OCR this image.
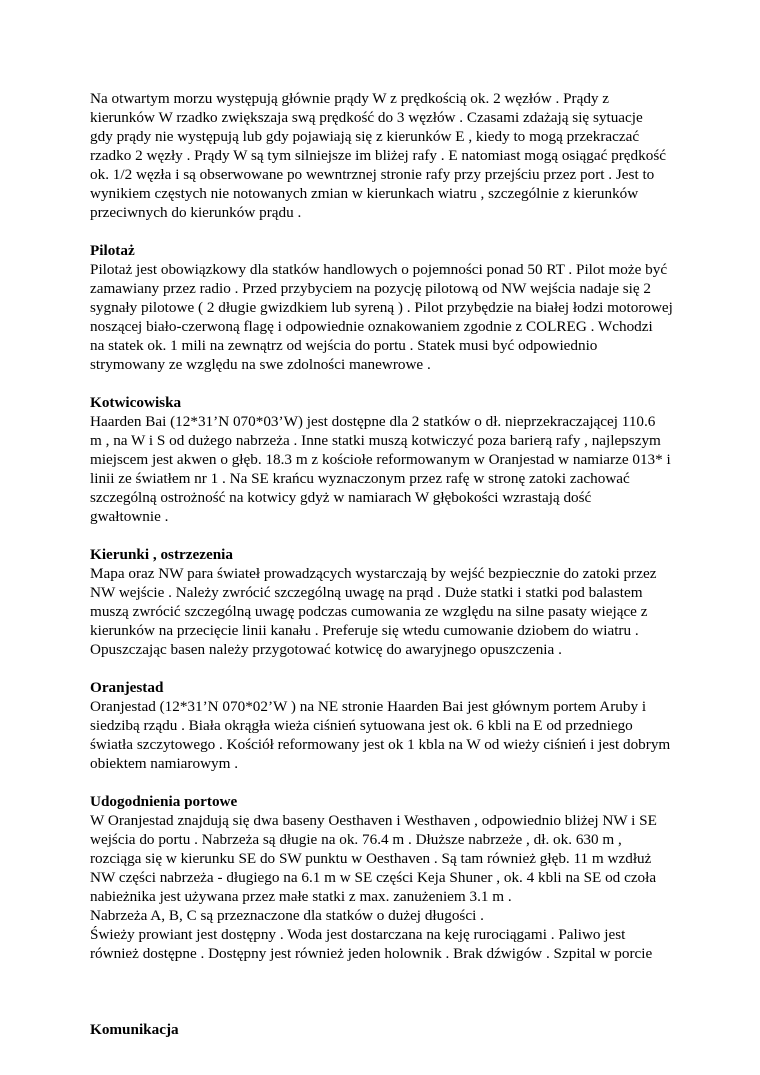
Na otwartym morzu występują głównie prądy W z prędkością ok. 2 węzłów . Prądy z
kierunków W rzadko zwiększaja swą prędkość do 3 węzłów . Czasami zdażają się sytuacje
gdy prądy nie występują lub gdy pojawiają się z kierunków E , kiedy to mogą przekraczać
rzadko 2 węzły . Prądy W są tym silniejsze im bliżej rafy . E natomiast mogą osiągać prędkość
ok. 1/2 węzła i są obserwowane po wewntrznej stronie rafy przy przejściu przez port . Jest to
wynikiem częstych nie notowanych zmian w kierunkach wiatru , szczególnie z kierunków
przeciwnych do kierunków prądu .
Pilotaż
Pilotaż jest obowiązkowy dla statków handlowych o pojemności ponad 50 RT . Pilot może być
zamawiany przez radio . Przed przybyciem na pozycję pilotową od NW wejścia nadaje się 2
sygnały pilotowe ( 2 długie gwizdkiem lub syreną ) . Pilot przybędzie na białej łodzi motorowej
noszącej biało-czerwoną flagę i odpowiednie oznakowaniem zgodnie z COLREG . Wchodzi
na statek ok. 1 mili na zewnątrz od wejścia do portu . Statek musi być odpowiednio
strymowany ze względu na swe zdolności manewrowe .
Kotwicowiska
Haarden Bai (12*31’N 070*03’W) jest dostępne dla 2 statków o dł. nieprzekraczającej 110.6
m , na W i S od dużego nabrzeża . Inne statki muszą kotwiczyć poza barierą rafy , najlepszym
miejscem jest akwen o głęb. 18.3 m z kościołe reformowanym w Oranjestad w namiarze 013* i
linii ze światłem nr 1 . Na SE krańcu wyznaczonym przez rafę w stronę zatoki zachować
szczególną ostrożność na kotwicy gdyż w namiarach W głębokości wzrastają dość
gwałtownie .
Kierunki , ostrzezenia
Mapa oraz NW para świateł prowadzących wystarczają by wejść bezpiecznie do zatoki przez
NW wejście . Należy zwrócić szczególną uwagę na prąd . Duże statki i statki pod balastem
muszą zwrócić szczególną uwagę podczas cumowania ze względu na silne pasaty wiejące z
kierunków na przecięcie linii kanału . Preferuje się wtedu cumowanie dziobem do wiatru .
Opuszczając basen należy przygotować kotwicę do awaryjnego opuszczenia .
Oranjestad
Oranjestad (12*31’N 070*02’W ) na NE stronie Haarden Bai jest głównym portem Aruby i
siedzibą rządu . Biała okrągła wieża ciśnień sytuowana jest ok. 6 kbli na E od przedniego
światła szczytowego . Kościół reformowany jest ok 1 kbla na W od wieży ciśnień i jest dobrym
obiektem namiarowym .
Udogodnienia portowe
W Oranjestad znajdują się dwa baseny Oesthaven i Westhaven , odpowiednio bliżej NW i SE
wejścia do portu . Nabrzeża są długie na ok. 76.4 m . Dłuższe nabrzeże , dł. ok. 630 m ,
rozciąga się w kierunku SE do SW punktu w Oesthaven . Są tam również głęb. 11 m wzdłuż
NW części nabrzeża - długiego na 6.1 m w SE części Keja Shuner , ok. 4 kbli na SE od czoła
nabieżnika jest używana przez małe statki z max. zanużeniem 3.1 m .
Nabrzeża A, B, C są przeznaczone dla statków o dużej długości .
Świeży prowiant jest dostępny . Woda jest dostarczana na keję rurociągami . Paliwo jest
również dostępne . Dostępny jest również jeden holownik . Brak dźwigów . Szpital w porcie
Komunikacja
